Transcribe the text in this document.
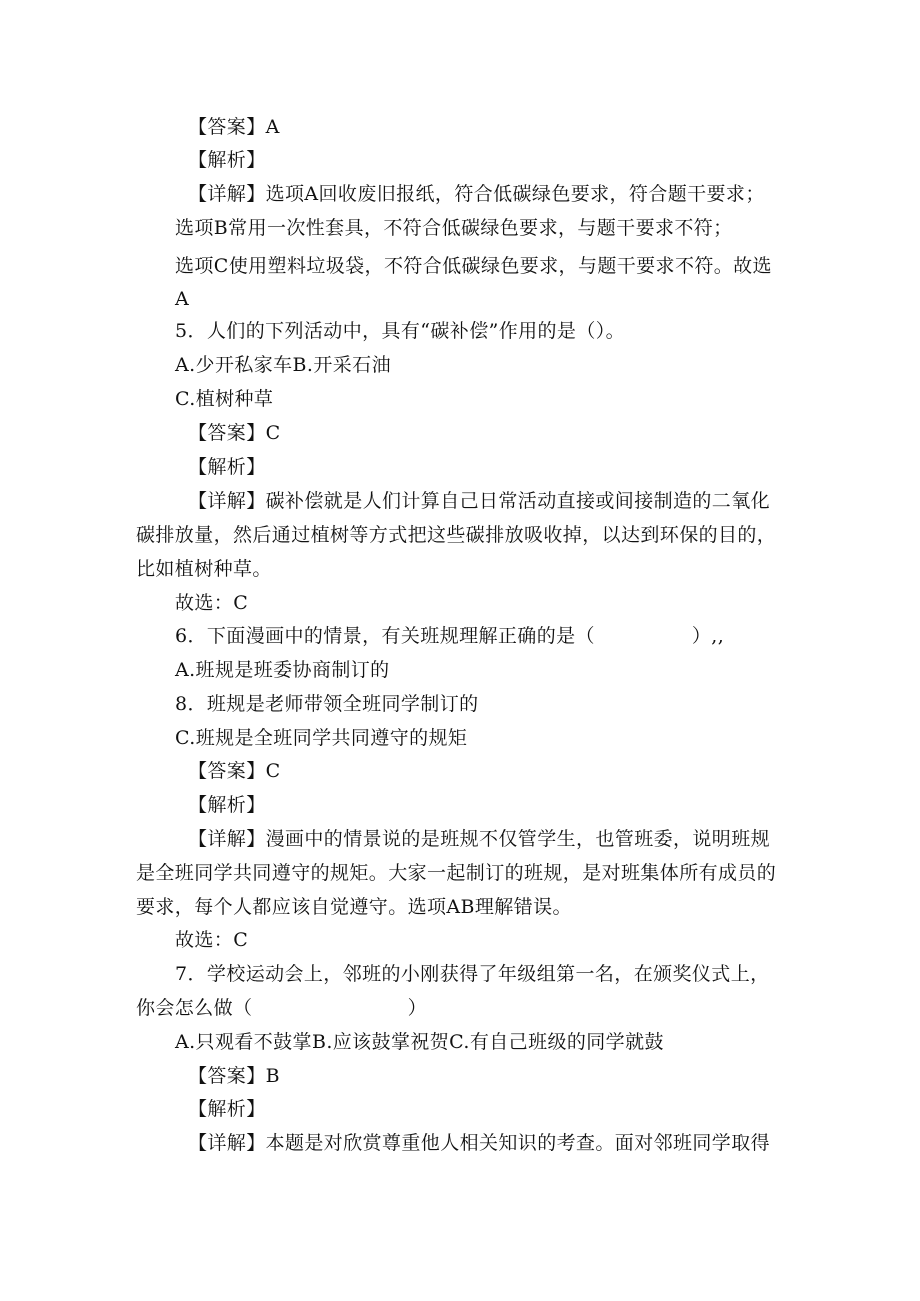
【答案】A
【解析】
【详解】选项A回收废旧报纸，符合低碳绿色要求，符合题干要求；
选项B常用一次性套具，不符合低碳绿色要求，与题干要求不符；
选项C使用塑料垃圾袋，不符合低碳绿色要求，与题干要求不符。故选
A
5．人们的下列活动中，具有“碳补偿”作用的是（）。
A.少开私家车B.开采石油
C.植树种草
【答案】C
【解析】
【详解】碳补偿就是人们计算自己日常活动直接或间接制造的二氧化
碳排放量，然后通过植树等方式把这些碳排放吸收掉，以达到环保的目的，
比如植树种草。
故选：C
6．下面漫画中的情景，有关班规理解正确的是（　　　　　）,,
A.班规是班委协商制订的
8．班规是老师带领全班同学制订的
C.班规是全班同学共同遵守的规矩
【答案】C
【解析】
【详解】漫画中的情景说的是班规不仅管学生，也管班委，说明班规
是全班同学共同遵守的规矩。大家一起制订的班规，是对班集体所有成员的
要求，每个人都应该自觉遵守。选项AB理解错误。
故选：C
7．学校运动会上，邻班的小刚获得了年级组第一名，在颁奖仪式上，
你会怎么做（　　　　　　　　）
A.只观看不鼓掌B.应该鼓掌祝贺C.有自己班级的同学就鼓
【答案】B
【解析】
【详解】本题是对欣赏尊重他人相关知识的考查。面对邻班同学取得
